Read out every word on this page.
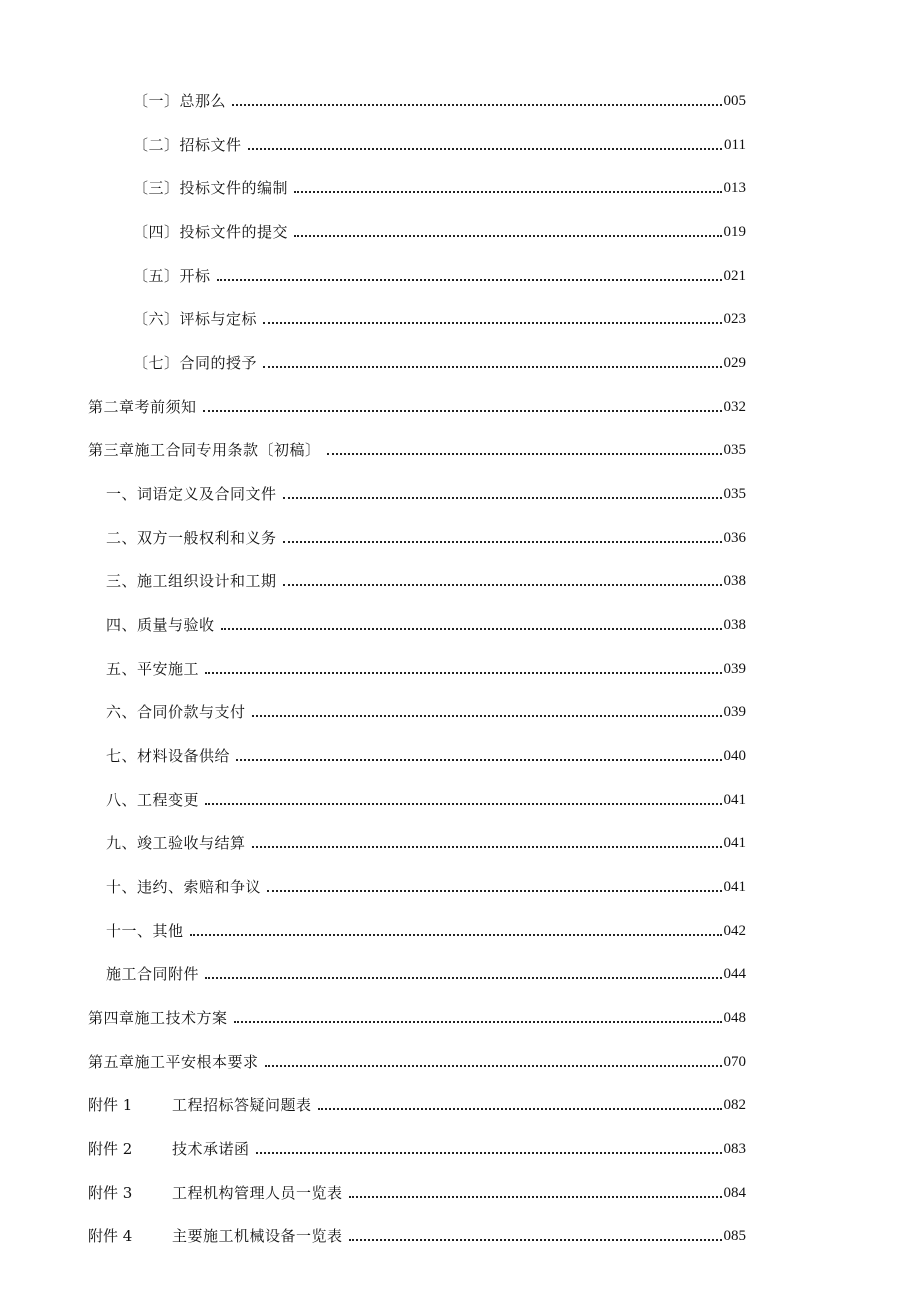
〔一〕总那么	005
〔二〕招标文件	011
〔三〕投标文件的编制	013
〔四〕投标文件的提交	019
〔五〕开标	021
〔六〕评标与定标	023
〔七〕合同的授予	029
第二章考前须知	032
第三章施工合同专用条款〔初稿〕	035
一、词语定义及合同文件	035
二、双方一般权利和义务	036
三、施工组织设计和工期	038
四、质量与验收	038
五、平安施工	039
六、合同价款与支付	039
七、材料设备供给	040
八、工程变更	041
九、竣工验收与结算	041
十、违约、索赔和争议	041
十一、其他	042
施工合同附件	044
第四章施工技术方案	048
第五章施工平安根本要求	070
附件 1	工程招标答疑问题表	082
附件 2	技术承诺函	083
附件 3	工程机构管理人员一览表	084
附件 4	主要施工机械设备一览表	085
